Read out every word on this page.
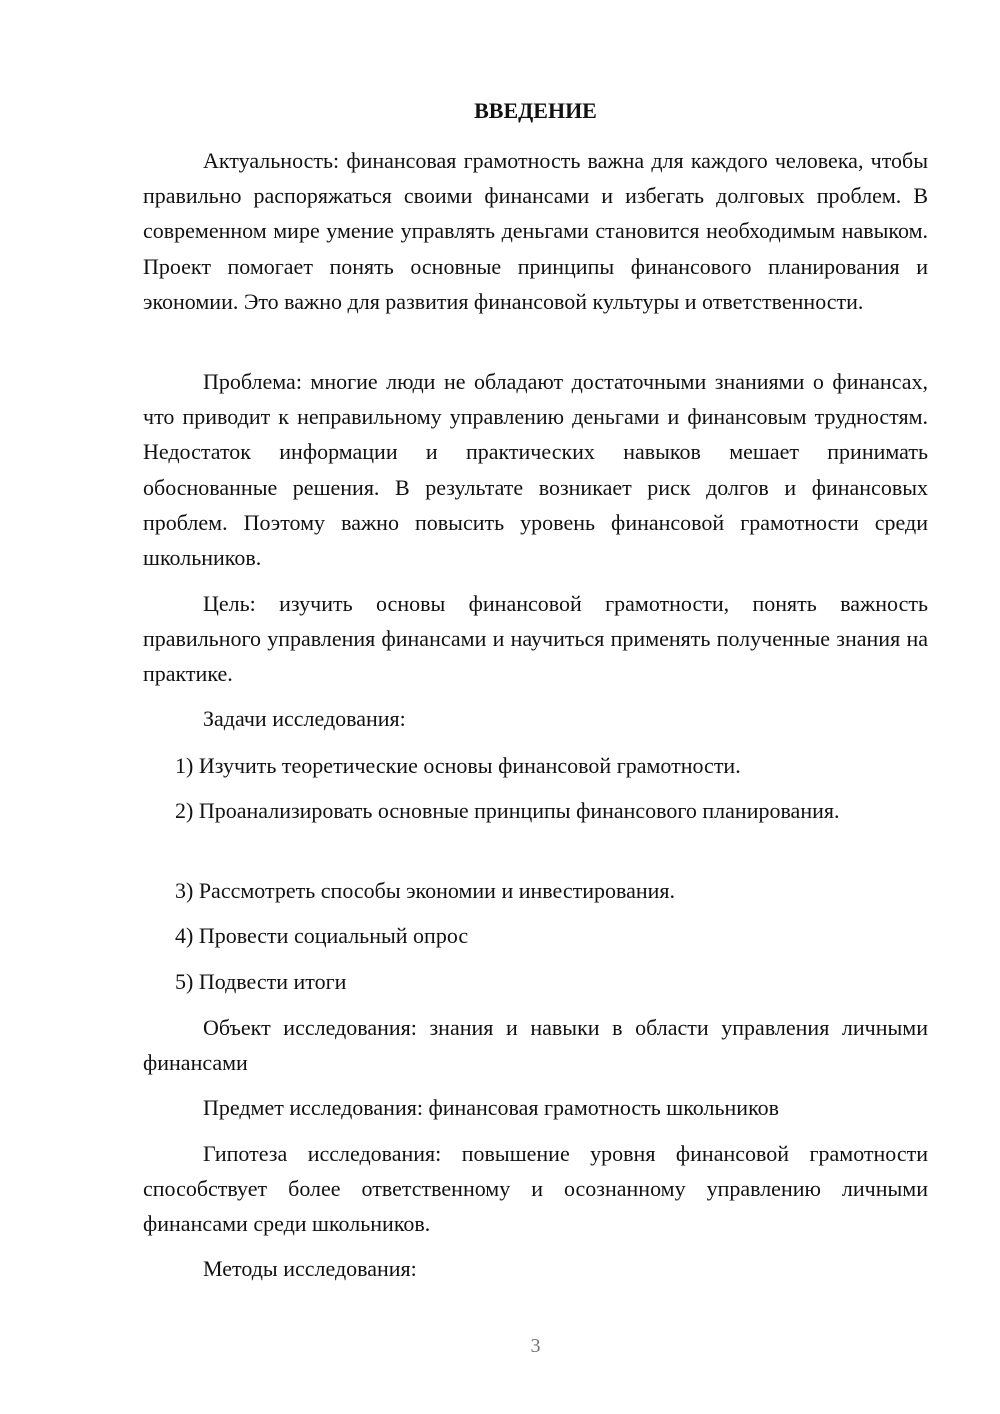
ВВЕДЕНИЕ

Актуальность: финансовая грамотность важна для каждого человека, чтобы правильно распоряжаться своими финансами и избегать долговых проблем. В современном мире умение управлять деньгами становится необходимым навыком. Проект помогает понять основные принципы финансового планирования и экономии. Это важно для развития финансовой культуры и ответственности.

Проблема: многие люди не обладают достаточными знаниями о финансах, что приводит к неправильному управлению деньгами и финансовым трудностям. Недостаток информации и практических навыков мешает принимать обоснованные решения. В результате возникает риск долгов и финансовых проблем. Поэтому важно повысить уровень финансовой грамотности среди школьников.

Цель: изучить основы финансовой грамотности, понять важность правильного управления финансами и научиться применять полученные знания на практике.

Задачи исследования:

1) Изучить теоретические основы финансовой грамотности.

2) Проанализировать основные принципы финансового планирования.

3) Рассмотреть способы экономии и инвестирования.

4) Провести социальный опрос

5) Подвести итоги

Объект исследования: знания и навыки в области управления личными финансами

Предмет исследования: финансовая грамотность школьников

Гипотеза исследования: повышение уровня финансовой грамотности способствует более ответственному и осознанному управлению личными финансами среди школьников.

Методы исследования:

3
